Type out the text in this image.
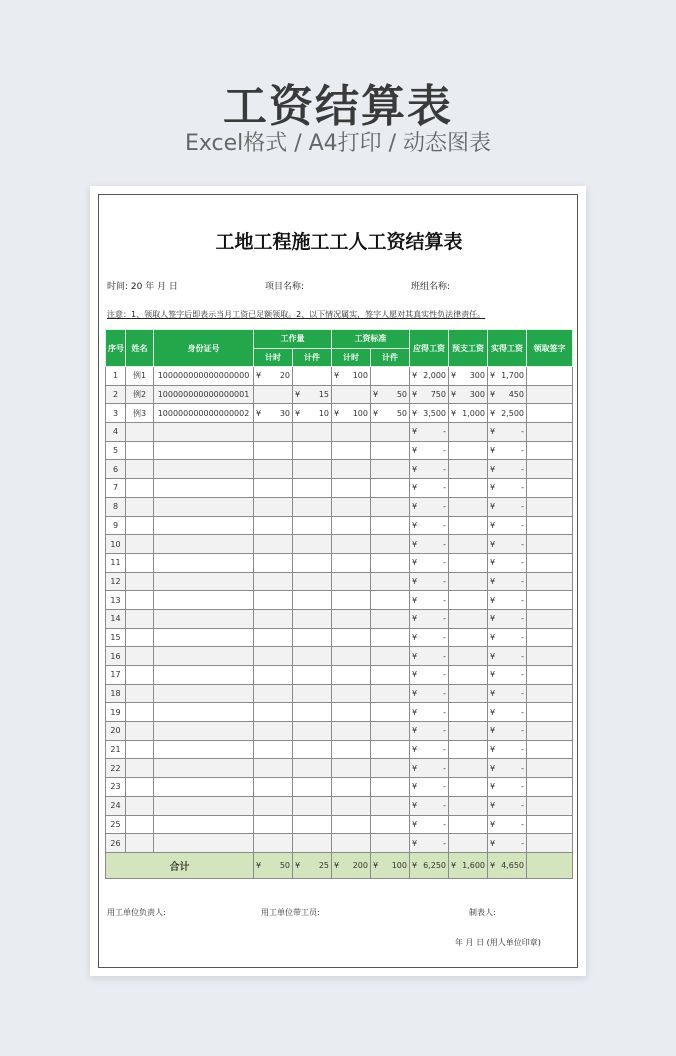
工资结算表
Excel格式 / A4打印 / 动态图表
工地工程施工工人工资结算表
时间: 20 年 月 日	项目名称:	班组名称:
注意：1、领取人签字后即表示当月工资已足额领取。2、以下情况属实，签字人愿对其真实性负法律责任。
序号	姓名	身份证号	工作量		工资标准		应得工资	预支工资	实得工资	领取签字
			计时	计件	计时	计件				
1	例1	100000000000000000	¥ 20		¥ 100		¥ 2,000	¥ 300	¥ 1,700	

2	例2	100000000000000001		¥ 15		¥ 50	¥ 750	¥ 300	¥ 450	

3	例3	100000000000000002	¥ 30	¥ 10	¥ 100	¥ 50	¥ 3,500	¥ 1,000	¥ 2,500	

4							¥ -		¥ -	

5							¥ -		¥ -	

6							¥ -		¥ -	

7							¥ -		¥ -	

8							¥ -		¥ -	

9							¥ -		¥ -	

10							¥ -		¥ -	

11							¥ -		¥ -	

12							¥ -		¥ -	

13							¥ -		¥ -	

14							¥ -		¥ -	

15							¥ -		¥ -	

16							¥ -		¥ -	

17							¥ -		¥ -	

18							¥ -		¥ -	

19							¥ -		¥ -	

20							¥ -		¥ -	

21							¥ -		¥ -	

22							¥ -		¥ -	

23							¥ -		¥ -	

24							¥ -		¥ -	

25							¥ -		¥ -	

26							¥ -		¥ -	

合计			¥ 50	¥ 25	¥ 200	¥ 100	¥ 6,250	¥ 1,600	¥ 4,650	

用工单位负责人:	用工单位带工员:	制表人:
年 月 日 (用人单位印章)
